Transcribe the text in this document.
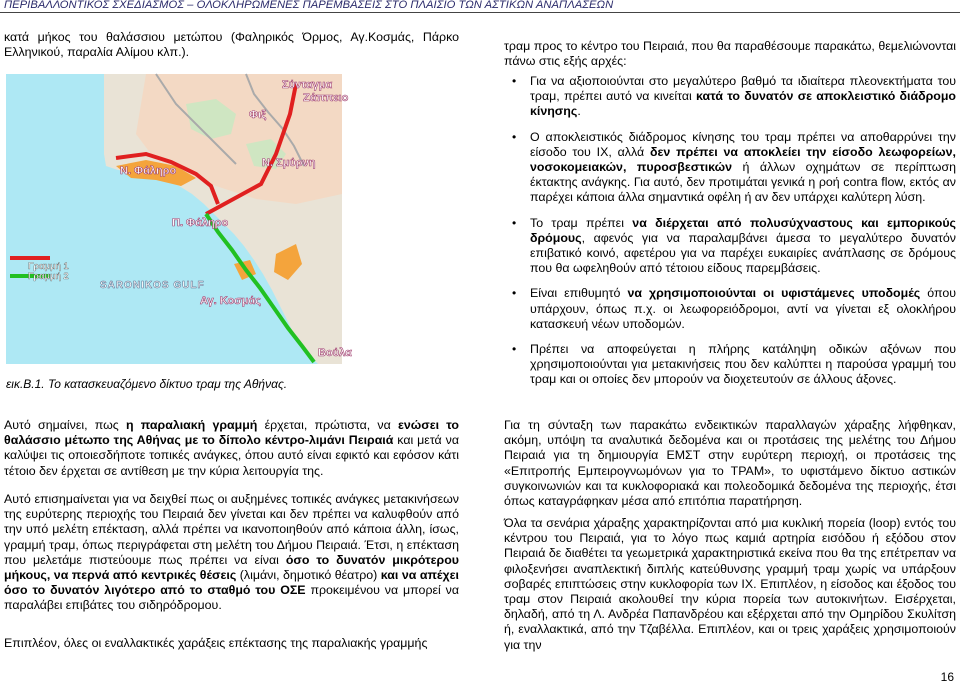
ΠΕΡΙΒΑΛΛΟΝΤΙΚΟΣ ΣΧΕΔΙΑΣΜΟΣ – ΟΛΟΚΛΗΡΩΜΕΝΕΣ ΠΑΡΕΜΒΑΣΕΙΣ ΣΤΟ ΠΛΑΙΣΙΟ ΤΩΝ ΑΣΤΙΚΩΝ ΑΝΑΠΛΑΣΕΩΝ

κατά μήκος του θαλάσσιου μετώπου (Φαληρικός Όρμος, Αγ.Κοσμάς, Πάρκο Ελληνικού, παραλία Αλίμου κλπ.).

Σύνταγμα
Ζάππειο
Φιξ
Ν. Φάληρο
Ν. Σμύρνη
Π. Φάληρο
Αγ. Κοσμάς
Βούλα
SARONIKOS GULF
Γραμμή 1
Γραμμή 2
εικ.Β.1. Το κατασκευαζόμενο δίκτυο τραμ της Αθήνας.

Αυτό σημαίνει, πως η παραλιακή γραμμή έρχεται, πρώτιστα, να ενώσει το θαλάσσιο μέτωπο της Αθήνας με το δίπολο κέντρο-λιμάνι Πειραιά και μετά να καλύψει τις οποιεσδήποτε τοπικές ανάγκες, όπου αυτό είναι εφικτό και εφόσον κάτι τέτοιο δεν έρχεται σε αντίθεση με την κύρια λειτουργία της.

Αυτό επισημαίνεται για να δειχθεί πως οι αυξημένες τοπικές ανάγκες μετακινήσεων της ευρύτερης περιοχής του Πειραιά δεν γίνεται και δεν πρέπει να καλυφθούν από την υπό μελέτη επέκταση, αλλά πρέπει να ικανοποιηθούν από κάποια άλλη, ίσως, γραμμή τραμ, όπως περιγράφεται στη μελέτη του Δήμου Πειραιά. Έτσι, η επέκταση που μελετάμε πιστεύουμε πως πρέπει να είναι όσο το δυνατόν μικρότερου μήκους, να περνά από κεντρικές θέσεις (λιμάνι, δημοτικό θέατρο) και να απέχει όσο το δυνατόν λιγότερο από το σταθμό του ΟΣΕ προκειμένου να μπορεί να παραλάβει επιβάτες του σιδηρόδρομου.

Επιπλέον, όλες οι εναλλακτικές χαράξεις επέκτασης της παραλιακής γραμμής

τραμ προς το κέντρο του Πειραιά, που θα παραθέσουμε παρακάτω, θεμελιώνονται πάνω στις εξής αρχές:

• Για να αξιοποιούνται στο μεγαλύτερο βαθμό τα ιδιαίτερα πλεονεκτήματα του τραμ, πρέπει αυτό να κινείται κατά το δυνατόν σε αποκλειστικό διάδρομο κίνησης.
• Ο αποκλειστικός διάδρομος κίνησης του τραμ πρέπει να αποθαρρύνει την είσοδο του ΙΧ, αλλά δεν πρέπει να αποκλείει την είσοδο λεωφορείων, νοσοκομειακών, πυροσβεστικών ή άλλων οχημάτων σε περίπτωση έκτακτης ανάγκης. Για αυτό, δεν προτιμάται γενικά η ροή contra flow, εκτός αν παρέχει κάποια άλλα σημαντικά οφέλη ή αν δεν υπάρχει καλύτερη λύση.
• Το τραμ πρέπει να διέρχεται από πολυσύχναστους και εμπορικούς δρόμους, αφενός για να παραλαμβάνει άμεσα το μεγαλύτερο δυνατόν επιβατικό κοινό, αφετέρου για να παρέχει ευκαιρίες ανάπλασης σε δρόμους που θα ωφεληθούν από τέτοιου είδους παρεμβάσεις.
• Είναι επιθυμητό να χρησιμοποιούνται οι υφιστάμενες υποδομές όπου υπάρχουν, όπως π.χ. οι λεωφορειόδρομοι, αντί να γίνεται εξ ολοκλήρου κατασκευή νέων υποδομών.
• Πρέπει να αποφεύγεται η πλήρης κατάληψη οδικών αξόνων που χρησιμοποιούνται για μετακινήσεις που δεν καλύπτει η παρούσα γραμμή του τραμ και οι οποίες δεν μπορούν να διοχετευτούν σε άλλους άξονες.

Για τη σύνταξη των παρακάτω ενδεικτικών παραλλαγών χάραξης λήφθηκαν, ακόμη, υπόψη τα αναλυτικά δεδομένα και οι προτάσεις της μελέτης του Δήμου Πειραιά για τη δημιουργία ΕΜΣΤ στην ευρύτερη περιοχή, οι προτάσεις της «Επιτροπής Εμπειρογνωμόνων για το ΤΡΑΜ», το υφιστάμενο δίκτυο αστικών συγκοινωνιών και τα κυκλοφοριακά και πολεοδομικά δεδομένα της περιοχής, έτσι όπως καταγράφηκαν μέσα από επιτόπια παρατήρηση.

Όλα τα σενάρια χάραξης χαρακτηρίζονται από μια κυκλική πορεία (loop) εντός του κέντρου του Πειραιά, για το λόγο πως καμιά αρτηρία εισόδου ή εξόδου στον Πειραιά δε διαθέτει τα γεωμετρικά χαρακτηριστικά εκείνα που θα της επέτρεπαν να φιλοξενήσει αναπλεκτική διπλής κατεύθυνσης γραμμή τραμ χωρίς να υπάρξουν σοβαρές επιπτώσεις στην κυκλοφορία των ΙΧ. Επιπλέον, η είσοδος και έξοδος του τραμ στον Πειραιά ακολουθεί την κύρια πορεία των αυτοκινήτων. Εισέρχεται, δηλαδή, από τη Λ. Ανδρέα Παπανδρέου και εξέρχεται από την Ομηρίδου Σκυλίτση ή, εναλλακτικά, από την Τζαβέλλα. Επιπλέον, και οι τρεις χαράξεις χρησιμοποιούν για την

16
